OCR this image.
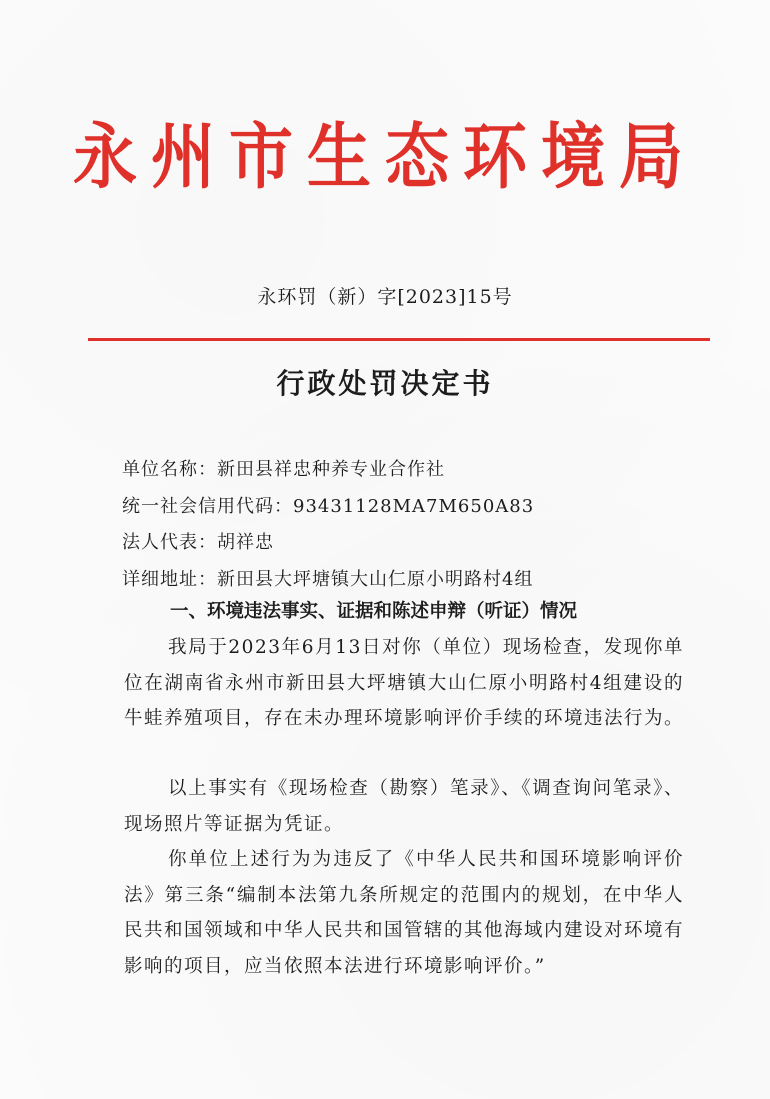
永州市生态环境局
永环罚（新）字[2023]15号
行政处罚决定书
单位名称：新田县祥忠种养专业合作社
统一社会信用代码：93431128MA7M650A83
法人代表：胡祥忠
详细地址：新田县大坪塘镇大山仁原小明路村4组
一、环境违法事实、证据和陈述申辩（听证）情况
我局于2023年6月13日对你（单位）现场检查，发现你单位在湖南省永州市新田县大坪塘镇大山仁原小明路村4组建设的牛蛙养殖项目，存在未办理环境影响评价手续的环境违法行为。
以上事实有《现场检查（勘察）笔录》、《调查询问笔录》、现场照片等证据为凭证。
你单位上述行为为违反了《中华人民共和国环境影响评价法》第三条“编制本法第九条所规定的范围内的规划，在中华人民共和国领域和中华人民共和国管辖的其他海域内建设对环境有影响的项目，应当依照本法进行环境影响评价。”
